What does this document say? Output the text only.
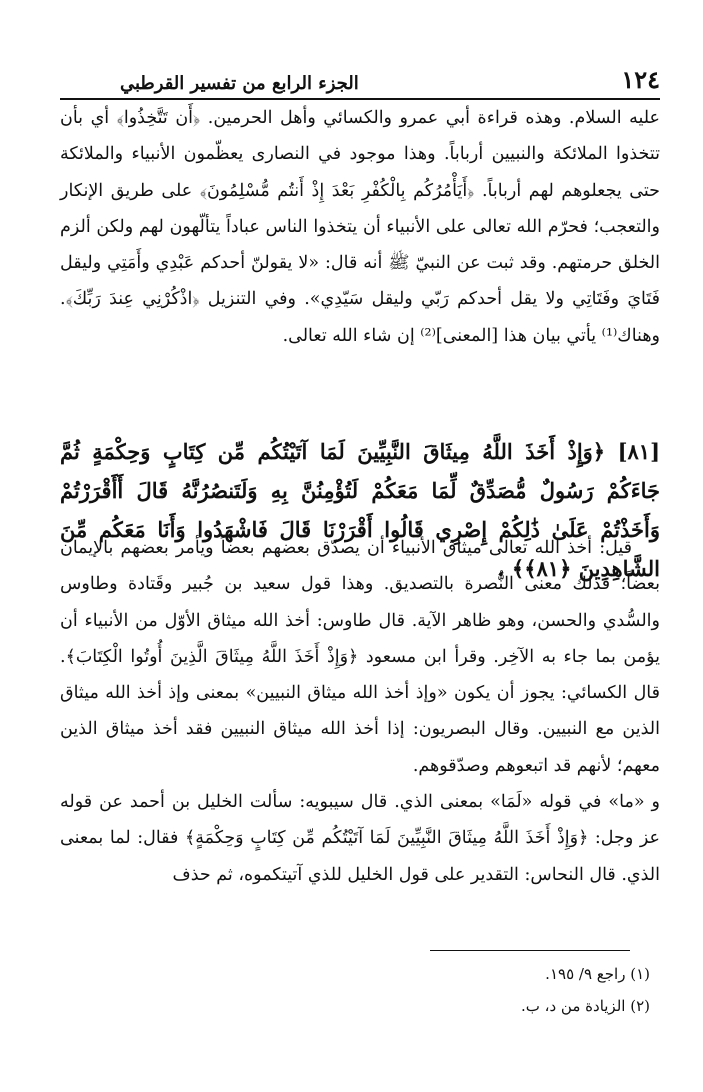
١٢٤
الجزء الرابع من تفسير القرطبي

عليه السلام. وهذه قراءة أبي عمرو والكسائي وأهل الحرمين. ﴿أَن تَتَّخِذُوا﴾ أي بأن تتخذوا الملائكة والنبيين أرباباً. وهذا موجود في النصارى يعظّمون الأنبياء والملائكة حتى يجعلوهم لهم أرباباً. ﴿أَيَأْمُرُكُم بِالْكُفْرِ بَعْدَ إِذْ أَنتُم مُّسْلِمُونَ﴾ على طريق الإنكار والتعجب؛ فحرّم الله تعالى على الأنبياء أن يتخذوا الناس عباداً يتألّهون لهم ولكن ألزم الخلق حرمتهم. وقد ثبت عن النبيّ ﷺ أنه قال: «لا يقولنّ أحدكم عَبْدِي وأَمَتِي وليقل فَتَايَ وفَتَاتِي ولا يقل أحدكم رَبّي وليقل سَيّدِي». وفي التنزيل ﴿اذْكُرْنِي عِندَ رَبِّكَ﴾. وهناك⁽¹⁾ يأتي بيان هذا [المعنى]⁽²⁾ إن شاء الله تعالى.

[٨١] ﴿وَإِذْ أَخَذَ اللَّهُ مِيثَاقَ النَّبِيِّينَ لَمَا آتَيْتُكُم مِّن كِتَابٍ وَحِكْمَةٍ ثُمَّ جَاءَكُمْ رَسُولٌ مُّصَدِّقٌ لِّمَا مَعَكُمْ لَتُؤْمِنُنَّ بِهِ وَلَتَنصُرُنَّهُ قَالَ أَأَقْرَرْتُمْ وَأَخَذْتُمْ عَلَىٰ ذَٰلِكُمْ إِصْرِي قَالُوا أَقْرَرْنَا قَالَ فَاشْهَدُوا وَأَنَا مَعَكُم مِّنَ الشَّاهِدِينَ ﴿٨١﴾﴾ .

قيل: أخذ الله تعالى ميثاق الأنبياء أن يصدّق بعضهم بعضاً ويأمر بعضهم بالإيمان بعضاً؛ فذلك معنى النُّصرة بالتصديق. وهذا قول سعيد بن جُبير وقَتادة وطاوس والسُّدي والحسن، وهو ظاهر الآية. قال طاوس: أخذ الله ميثاق الأوّل من الأنبياء أن يؤمن بما جاء به الآخِر. وقرأ ابن مسعود ﴿وَإِذْ أَخَذَ اللَّهُ مِيثَاقَ الَّذِينَ أُوتُوا الْكِتَابَ﴾. قال الكسائي: يجوز أن يكون «وإذ أخذ الله ميثاق النبيين» بمعنى وإذ أخذ الله ميثاق الذين مع النبيين. وقال البصريون: إذا أخذ الله ميثاق النبيين فقد أخذ ميثاق الذين معهم؛ لأنهم قد اتبعوهم وصدّقوهم.

و «ما» في قوله «لَمَا» بمعنى الذي. قال سيبويه: سألت الخليل بن أحمد عن قوله عز وجل: ﴿وَإِذْ أَخَذَ اللَّهُ مِيثَاقَ النَّبِيِّينَ لَمَا آتَيْتُكُم مِّن كِتَابٍ وَحِكْمَةٍ﴾ فقال: لما بمعنى الذي. قال النحاس: التقدير على قول الخليل للذي آتيتكموه، ثم حذف

(١) راجع ٩/ ١٩٥.

(٢) الزيادة من د، ب.
